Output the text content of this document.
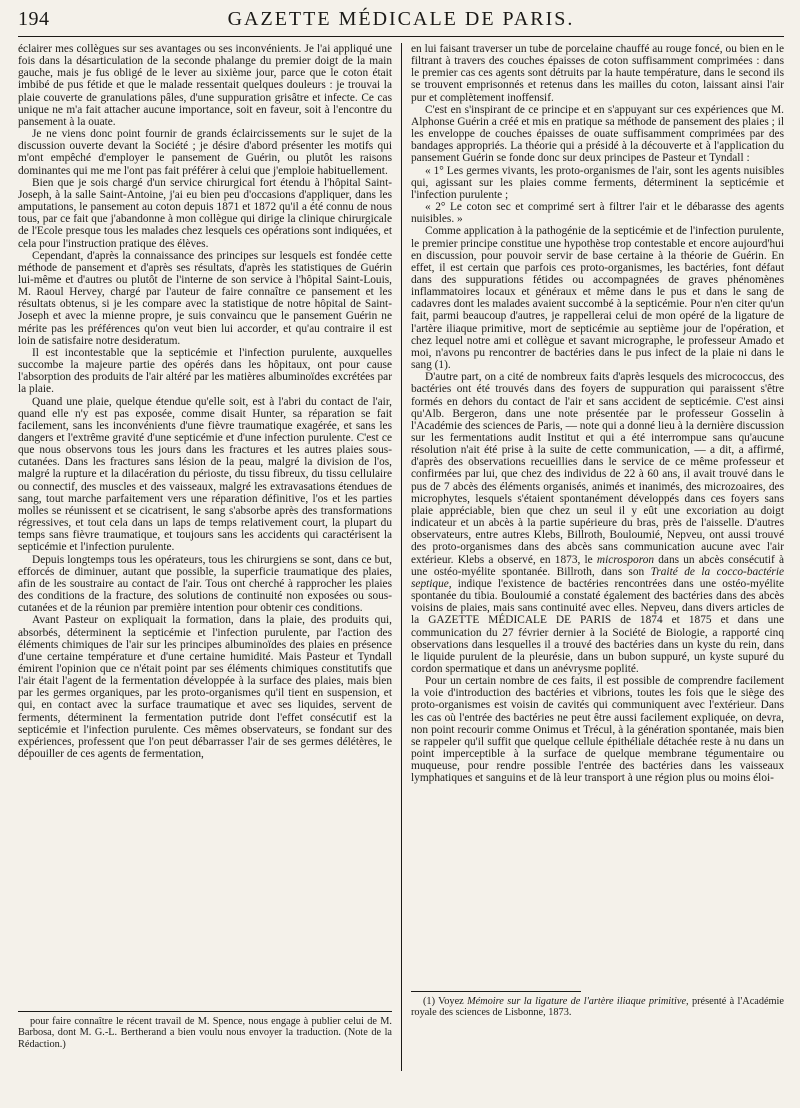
194	GAZETTE MÉDICALE DE PARIS.

éclairer mes collègues sur ses avantages ou ses inconvénients. Je l'ai appliqué une fois dans la désarticulation de la seconde phalange du premier doigt de la main gauche, mais je fus obligé de le lever au sixième jour, parce que le coton était imbibé de pus fétide et que le malade ressentait quelques douleurs : je trouvai la plaie couverte de granulations pâles, d'une suppuration grisâtre et infecte. Ce cas unique ne m'a fait attacher aucune importance, soit en faveur, soit à l'encontre du pansement à la ouate.

Je ne viens donc point fournir de grands éclaircissements sur le sujet de la discussion ouverte devant la Société ; je désire d'abord présenter les motifs qui m'ont empêché d'employer le pansement de Guérin, ou plutôt les raisons dominantes qui me me l'ont pas fait préférer à celui que j'emploie habituellement.

Bien que je sois chargé d'un service chirurgical fort étendu à l'hôpital Saint-Joseph, à la salle Saint-Antoine, j'ai eu bien peu d'occasions d'appliquer, dans les amputations, le pansement au coton depuis 1871 et 1872 qu'il a été connu de nous tous, par ce fait que j'abandonne à mon collègue qui dirige la clinique chirurgicale de l'Ecole presque tous les malades chez lesquels ces opérations sont indiquées, et cela pour l'instruction pratique des élèves.

Cependant, d'après la connaissance des principes sur lesquels est fondée cette méthode de pansement et d'après ses résultats, d'après les statistiques de Guérin lui-même et d'autres ou plutôt de l'interne de son service à l'hôpital Saint-Louis, M. Raoul Hervey, chargé par l'auteur de faire connaître ce pansement et les résultats obtenus, si je les compare avec la statistique de notre hôpital de Saint-Joseph et avec la mienne propre, je suis convaincu que le pansement Guérin ne mérite pas les préférences qu'on veut bien lui accorder, et qu'au contraire il est loin de satisfaire notre desideratum.

Il est incontestable que la septicémie et l'infection purulente, auxquelles succombe la majeure partie des opérés dans les hôpitaux, ont pour cause l'absorption des produits de l'air altéré par les matières albuminoïdes excrétées par la plaie.

Quand une plaie, quelque étendue qu'elle soit, est à l'abri du contact de l'air, quand elle n'y est pas exposée, comme disait Hunter, sa réparation se fait facilement, sans les inconvénients d'une fièvre traumatique exagérée, et sans les dangers et l'extrême gravité d'une septicémie et d'une infection purulente. C'est ce que nous observons tous les jours dans les fractures et les autres plaies sous-cutanées. Dans les fractures sans lésion de la peau, malgré la division de l'os, malgré la rupture et la dilacération du périoste, du tissu fibreux, du tissu cellulaire ou connectif, des muscles et des vaisseaux, malgré les extravasations étendues de sang, tout marche parfaitement vers une réparation définitive, l'os et les parties molles se réunissent et se cicatrisent, le sang s'absorbe après des transformations régressives, et tout cela dans un laps de temps relativement court, la plupart du temps sans fièvre traumatique, et toujours sans les accidents qui caractérisent la septicémie et l'infection purulente.

Depuis longtemps tous les opérateurs, tous les chirurgiens se sont, dans ce but, efforcés de diminuer, autant que possible, la superficie traumatique des plaies, afin de les soustraire au contact de l'air. Tous ont cherché à rapprocher les plaies des conditions de la fracture, des solutions de continuité non exposées ou sous-cutanées et de la réunion par première intention pour obtenir ces conditions.

Avant Pasteur on expliquait la formation, dans la plaie, des produits qui, absorbés, déterminent la septicémie et l'infection purulente, par l'action des éléments chimiques de l'air sur les principes albuminoïdes des plaies en présence d'une certaine température et d'une certaine humidité. Mais Pasteur et Tyndall émirent l'opinion que ce n'était point par ses éléments chimiques constitutifs que l'air était l'agent de la fermentation développée à la surface des plaies, mais bien par les germes organiques, par les proto-organismes qu'il tient en suspension, et qui, en contact avec la surface traumatique et avec ses liquides, servent de ferments, déterminent la fermentation putride dont l'effet consécutif est la septicémie et l'infection purulente. Ces mêmes observateurs, se fondant sur des expériences, professent que l'on peut débarrasser l'air de ses germes délétères, le dépouiller de ces agents de fermentation,

pour faire connaître le récent travail de M. Spence, nous engage à publier celui de M. Barbosa, dont M. G.-L. Bertherand a bien voulu nous envoyer la traduction. (Note de la Rédaction.)

en lui faisant traverser un tube de porcelaine chauffé au rouge foncé, ou bien en le filtrant à travers des couches épaisses de coton suffisamment comprimées : dans le premier cas ces agents sont détruits par la haute température, dans le second ils se trouvent emprisonnés et retenus dans les mailles du coton, laissant ainsi l'air pur et complètement inoffensif.

C'est en s'inspirant de ce principe et en s'appuyant sur ces expériences que M. Alphonse Guérin a créé et mis en pratique sa méthode de pansement des plaies ; il les enveloppe de couches épaisses de ouate suffisamment comprimées par des bandages appropriés. La théorie qui a présidé à la découverte et à l'application du pansement Guérin se fonde donc sur deux principes de Pasteur et Tyndall :

« 1° Les germes vivants, les proto-organismes de l'air, sont les agents nuisibles qui, agissant sur les plaies comme ferments, déterminent la septicémie et l'infection purulente ;

« 2° Le coton sec et comprimé sert à filtrer l'air et le débarasse des agents nuisibles. »

Comme application à la pathogénie de la septicémie et de l'infection purulente, le premier principe constitue une hypothèse trop contestable et encore aujourd'hui en discussion, pour pouvoir servir de base certaine à la théorie de Guérin. En effet, il est certain que parfois ces proto-organismes, les bactéries, font défaut dans des suppurations fétides ou accompagnées de graves phénomènes inflammatoires locaux et généraux et même dans le pus et dans le sang de cadavres dont les malades avaient succombé à la septicémie. Pour n'en citer qu'un fait, parmi beaucoup d'autres, je rappellerai celui de mon opéré de la ligature de l'artère iliaque primitive, mort de septicémie au septième jour de l'opération, et chez lequel notre ami et collègue et savant micrographe, le professeur Amado et moi, n'avons pu rencontrer de bactéries dans le pus infect de la plaie ni dans le sang (1).

D'autre part, on a cité de nombreux faits d'après lesquels des micrococcus, des bactéries ont été trouvés dans des foyers de suppuration qui paraissent s'être formés en dehors du contact de l'air et sans accident de septicémie. C'est ainsi qu'Alb. Bergeron, dans une note présentée par le professeur Gosselin à l'Académie des sciences de Paris, — note qui a donné lieu à la dernière discussion sur les fermentations audit Institut et qui a été interrompue sans qu'aucune résolution n'ait été prise à la suite de cette communication, — a dit, a affirmé, d'après des observations recueillies dans le service de ce même professeur et confirmées par lui, que chez des individus de 22 à 60 ans, il avait trouvé dans le pus de 7 abcès des éléments organisés, animés et inanimés, des microzoaires, des microphytes, lesquels s'étaient spontanément développés dans ces foyers sans plaie appréciable, bien que chez un seul il y eût une excoriation au doigt indicateur et un abcès à la partie supérieure du bras, près de l'aisselle. D'autres observateurs, entre autres Klebs, Billroth, Bouloumié, Nepveu, ont aussi trouvé des proto-organismes dans des abcès sans communication aucune avec l'air extérieur. Klebs a observé, en 1873, le microsporon dans un abcès consécutif à une ostéo-myélite spontanée. Billroth, dans son Traité de la cocco-bactérie septique, indique l'existence de bactéries rencontrées dans une ostéo-myélite spontanée du tibia. Bouloumié a constaté également des bactéries dans des abcès voisins de plaies, mais sans continuité avec elles. Nepveu, dans divers articles de la GAZETTE MÉDICALE DE PARIS de 1874 et 1875 et dans une communication du 27 février dernier à la Société de Biologie, a rapporté cinq observations dans lesquelles il a trouvé des bactéries dans un kyste du rein, dans le liquide purulent de la pleurésie, dans un bubon suppuré, un kyste supuré du cordon spermatique et dans un anévrysme poplité.

Pour un certain nombre de ces faits, il est possible de comprendre facilement la voie d'introduction des bactéries et vibrions, toutes les fois que le siège des proto-organismes est voisin de cavités qui communiquent avec l'extérieur. Dans les cas où l'entrée des bactéries ne peut être aussi facilement expliquée, on devra, non point recourir comme Onimus et Trécul, à la génération spontanée, mais bien se rappeler qu'il suffit que quelque cellule épithéliale détachée reste à nu dans un point imperceptible à la surface de quelque membrane tégumentaire ou muqueuse, pour rendre possible l'entrée des bactéries dans les vaisseaux lymphatiques et sanguins et de là leur transport à une région plus ou moins éloi-

(1) Voyez Mémoire sur la ligature de l'artère iliaque primitive, présenté à l'Académie royale des sciences de Lisbonne, 1873.
